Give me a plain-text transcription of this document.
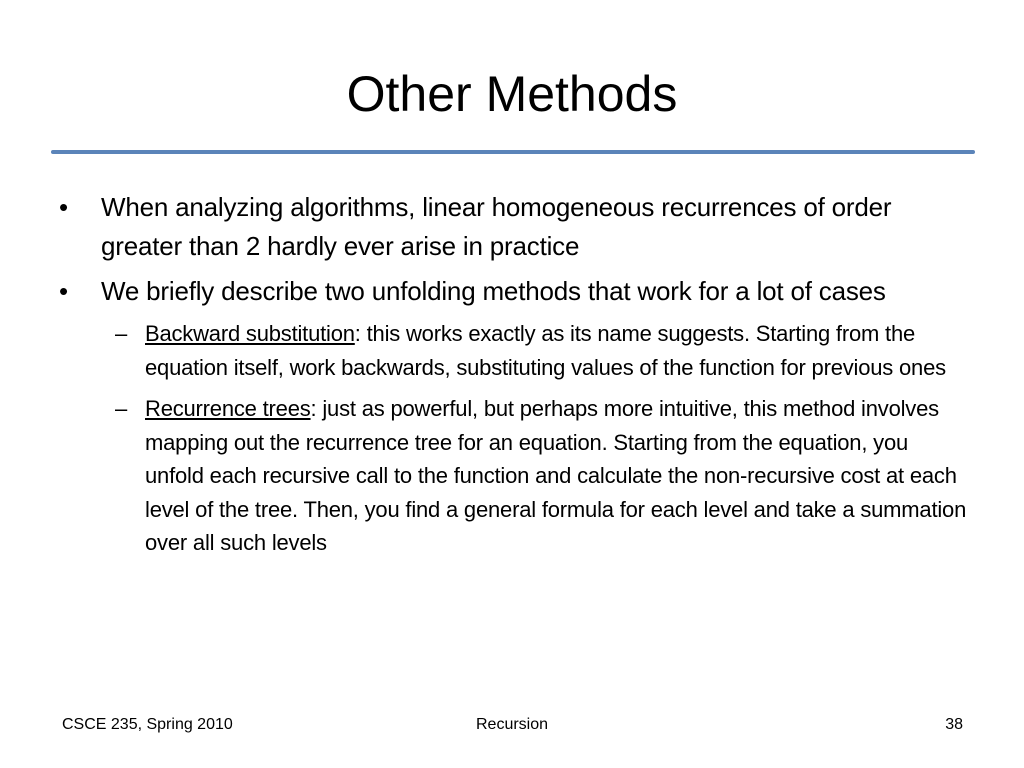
Other Methods
• When analyzing algorithms, linear homogeneous recurrences of order greater than 2 hardly ever arise in practice
• We briefly describe two unfolding methods that work for a lot of cases
– Backward substitution: this works exactly as its name suggests. Starting from the equation itself, work backwards, substituting values of the function for previous ones
– Recurrence trees: just as powerful, but perhaps more intuitive, this method involves mapping out the recurrence tree for an equation. Starting from the equation, you unfold each recursive call to the function and calculate the non-recursive cost at each level of the tree. Then, you find a general formula for each level and take a summation over all such levels
CSCE 235, Spring 2010	Recursion	38
